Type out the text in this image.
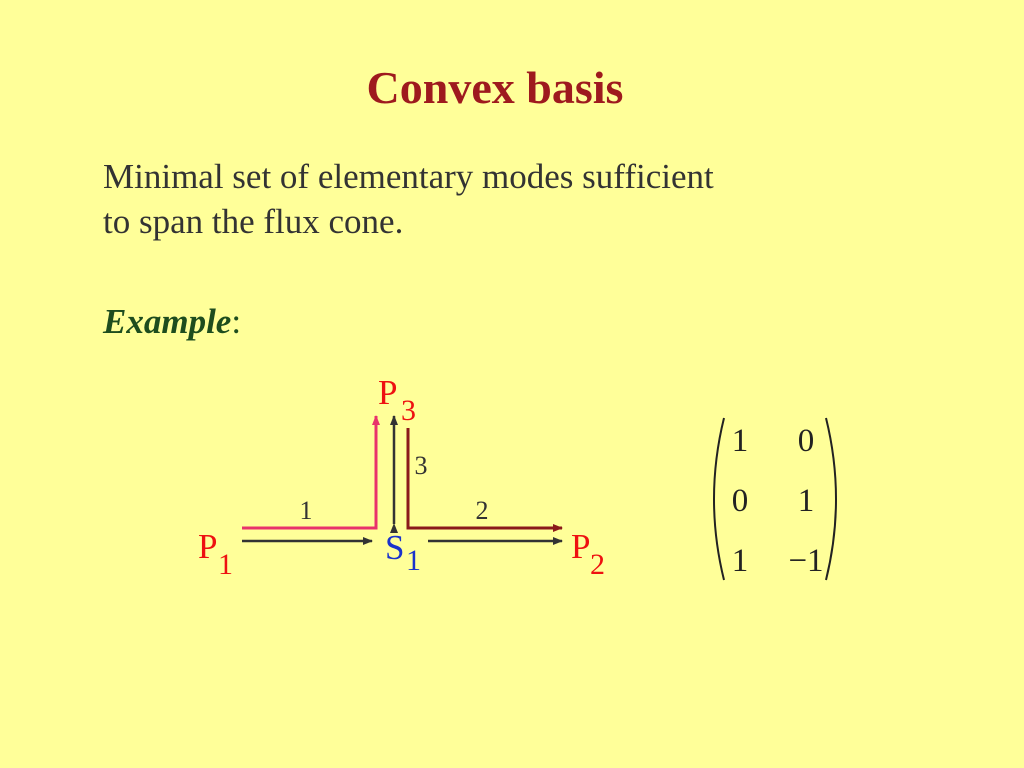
Convex basis
Minimal set of elementary modes sufficient
to span the flux cone.
Example:
1	2
3
P1	S1	P2
P 3
1 0
0 1
1 −1
